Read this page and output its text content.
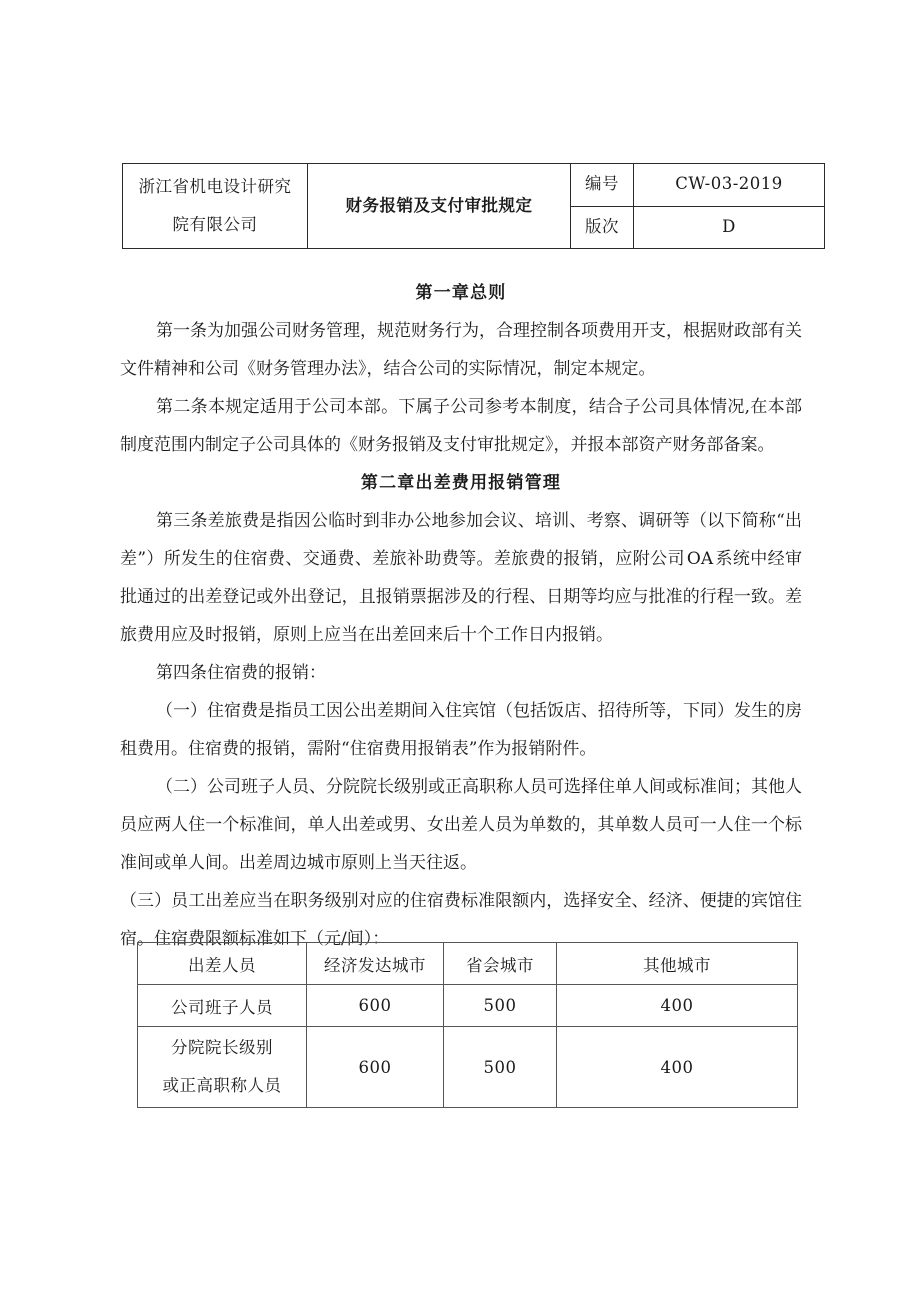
浙江省机电设计研究
院有限公司	财务报销及支付审批规定	编号	CW-03-2019
		版次	D

第一章总则

第一条为加强公司财务管理，规范财务行为，合理控制各项费用开支，根据财政部有关文件精神和公司《财务管理办法》，结合公司的实际情况，制定本规定。

第二条本规定适用于公司本部。下属子公司参考本制度，结合子公司具体情况,在本部制度范围内制定子公司具体的《财务报销及支付审批规定》，并报本部资产财务部备案。

第二章出差费用报销管理

第三条差旅费是指因公临时到非办公地参加会议、培训、考察、调研等（以下简称“出差”）所发生的住宿费、交通费、差旅补助费等。差旅费的报销，应附公司 OA 系统中经审批通过的出差登记或外出登记，且报销票据涉及的行程、日期等均应与批准的行程一致。差旅费用应及时报销，原则上应当在出差回来后十个工作日内报销。

第四条住宿费的报销：

（一）住宿费是指员工因公出差期间入住宾馆（包括饭店、招待所等，下同）发生的房租费用。住宿费的报销，需附“住宿费用报销表”作为报销附件。

（二）公司班子人员、分院院长级别或正高职称人员可选择住单人间或标准间；其他人员应两人住一个标准间，单人出差或男、女出差人员为单数的，其单数人员可一人住一个标准间或单人间。出差周边城市原则上当天往返。

（三）员工出差应当在职务级别对应的住宿费标准限额内，选择安全、经济、便捷的宾馆住宿。住宿费限额标准如下（元/间）：

出差人员	经济发达城市	省会城市	其他城市
公司班子人员	600	500	400

分院院长级别
或正高职称人员	600	500	400
